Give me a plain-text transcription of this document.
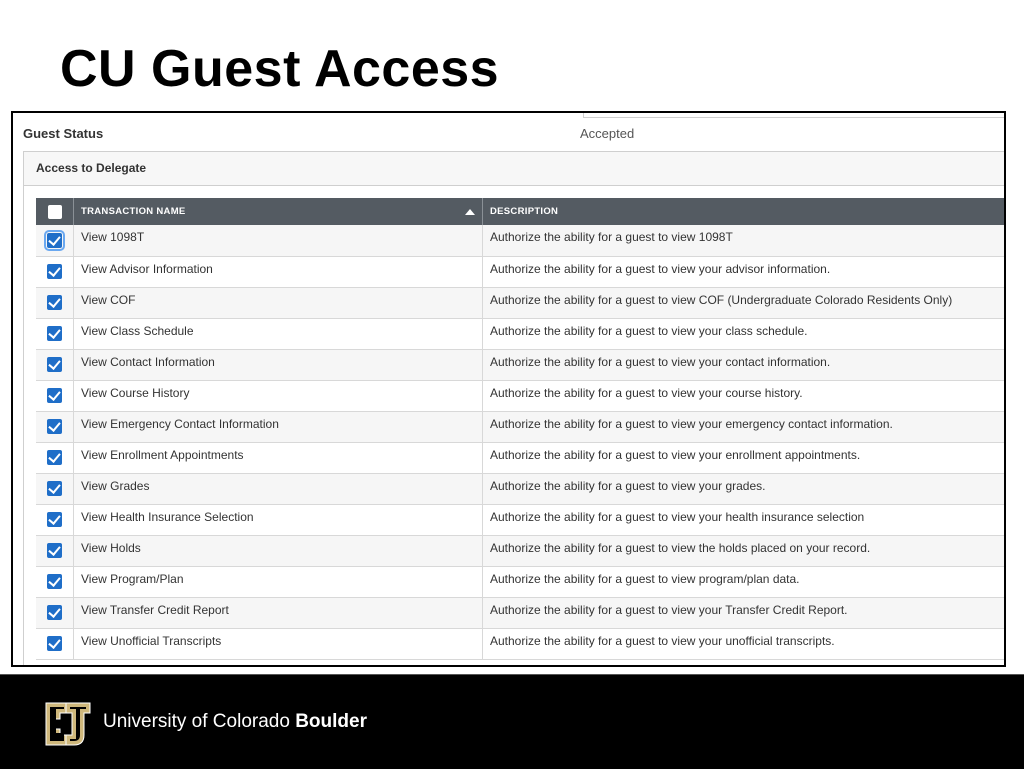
CU Guest Access
Guest Status	Accepted
Access to Delegate
	TRANSACTION NAME	DESCRIPTION
	View 1098T	Authorize the ability for a guest to view 1098T
	View Advisor Information	Authorize the ability for a guest to view your advisor information.
	View COF	Authorize the ability for a guest to view COF (Undergraduate Colorado Residents Only)
	View Class Schedule	Authorize the ability for a guest to view your class schedule.
	View Contact Information	Authorize the ability for a guest to view your contact information.
	View Course History	Authorize the ability for a guest to view your course history.
	View Emergency Contact Information	Authorize the ability for a guest to view your emergency contact information.
	View Enrollment Appointments	Authorize the ability for a guest to view your enrollment appointments.
	View Grades	Authorize the ability for a guest to view your grades.
	View Health Insurance Selection	Authorize the ability for a guest to view your health insurance selection
	View Holds	Authorize the ability for a guest to view the holds placed on your record.
	View Program/Plan	Authorize the ability for a guest to view program/plan data.
	View Transfer Credit Report	Authorize the ability for a guest to view your Transfer Credit Report.
	View Unofficial Transcripts	Authorize the ability for a guest to view your unofficial transcripts.
University of Colorado Boulder
